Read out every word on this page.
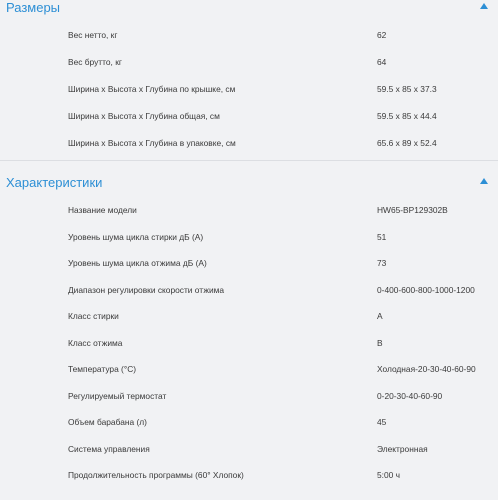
Размеры
Вес нетто, кг	62
Вес брутто, кг	64
Ширина x Высота x Глубина по крышке, см	59.5 x 85 x 37.3
Ширина x Высота x Глубина общая, см	59.5 x 85 x 44.4
Ширина x Высота x Глубина в упаковке, см	65.6 x 89 x 52.4
Характеристики
Название модели	HW65-BP129302B
Уровень шума цикла стирки дБ (А)	51
Уровень шума цикла отжима дБ (А)	73
Диапазон регулировки скорости отжима	0-400-600-800-1000-1200
Класс стирки	А
Класс отжима	В
Температура (°C)	Холодная-20-30-40-60-90
Регулируемый термостат	0-20-30-40-60-90
Объем барабана (л)	45
Система управления	Электронная
Продолжительность программы (60° Хлопок)	5:00 ч
